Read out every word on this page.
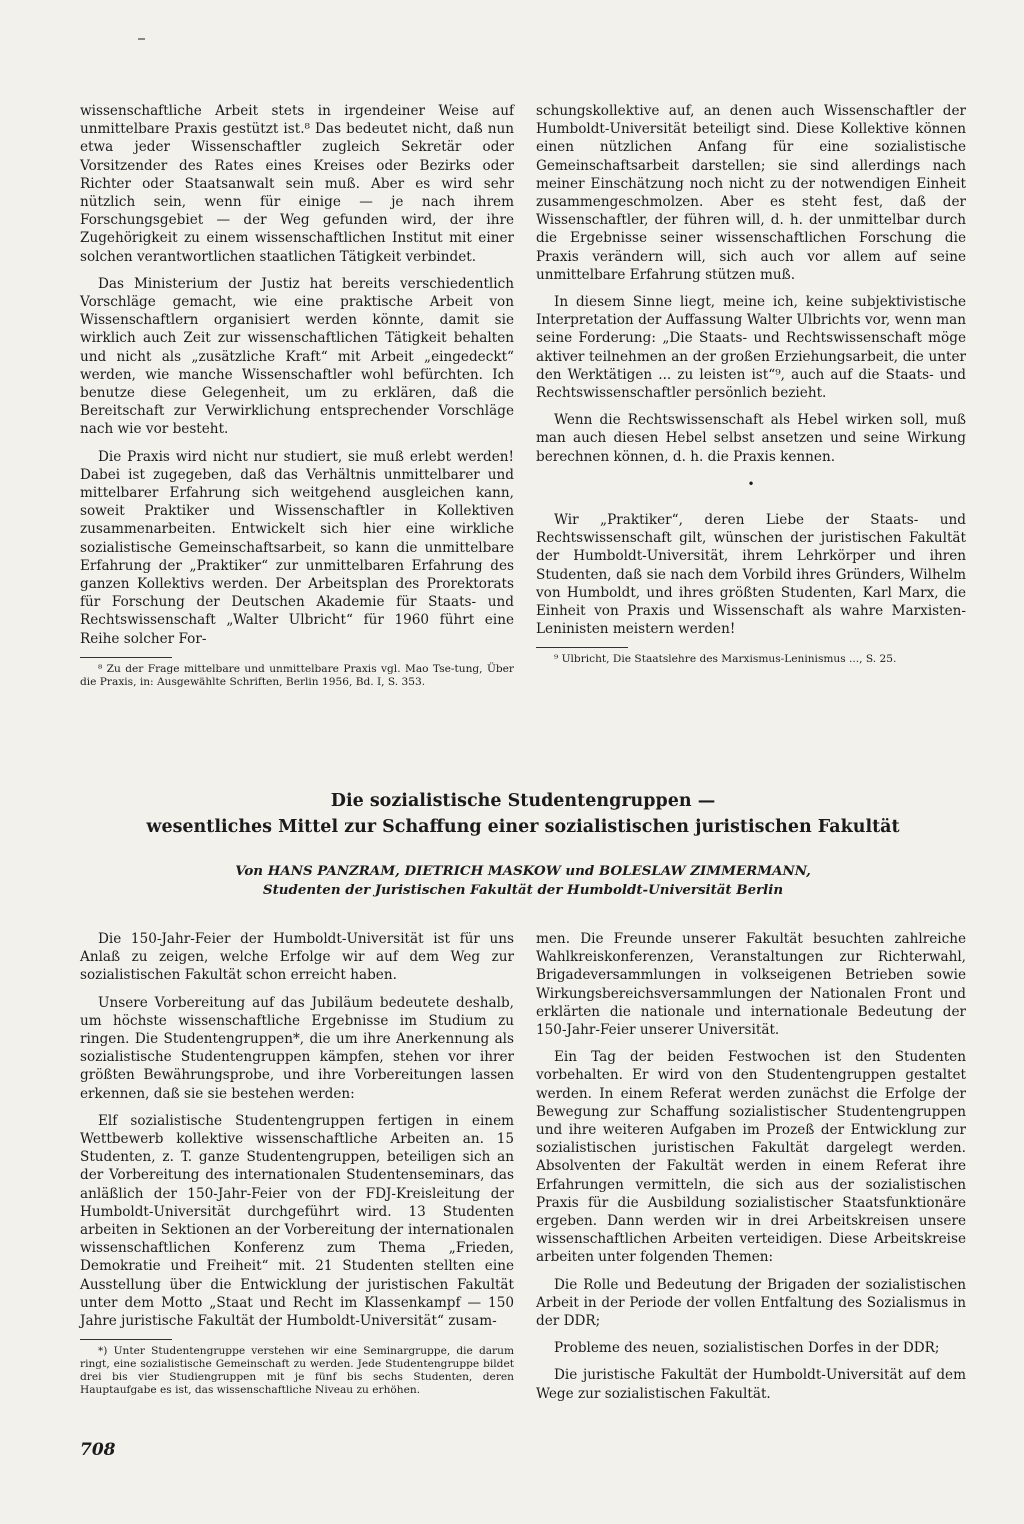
wissenschaftliche Arbeit stets in irgendeiner Weise auf unmittelbare Praxis gestützt ist.⁸ Das bedeutet nicht, daß nun etwa jeder Wissenschaftler zugleich Sekretär oder Vorsitzender des Rates eines Kreises oder Bezirks oder Richter oder Staatsanwalt sein muß. Aber es wird sehr nützlich sein, wenn für einige — je nach ihrem Forschungsgebiet — der Weg gefunden wird, der ihre Zugehörigkeit zu einem wissenschaftlichen Institut mit einer solchen verantwortlichen staatlichen Tätigkeit verbindet.

Das Ministerium der Justiz hat bereits verschiedentlich Vorschläge gemacht, wie eine praktische Arbeit von Wissenschaftlern organisiert werden könnte, damit sie wirklich auch Zeit zur wissenschaftlichen Tätigkeit behalten und nicht als „zusätzliche Kraft“ mit Arbeit „eingedeckt“ werden, wie manche Wissenschaftler wohl befürchten. Ich benutze diese Gelegenheit, um zu erklären, daß die Bereitschaft zur Verwirklichung entsprechender Vorschläge nach wie vor besteht.

Die Praxis wird nicht nur studiert, sie muß erlebt werden! Dabei ist zugegeben, daß das Verhältnis unmittelbarer und mittelbarer Erfahrung sich weitgehend ausgleichen kann, soweit Praktiker und Wissenschaftler in Kollektiven zusammenarbeiten. Entwickelt sich hier eine wirkliche sozialistische Gemeinschaftsarbeit, so kann die unmittelbare Erfahrung der „Praktiker“ zur unmittelbaren Erfahrung des ganzen Kollektivs werden. Der Arbeitsplan des Prorektorats für Forschung der Deutschen Akademie für Staats- und Rechtswissenschaft „Walter Ulbricht“ für 1960 führt eine Reihe solcher For-

⁸ Zu der Frage mittelbare und unmittelbare Praxis vgl. Mao Tse-tung, Über die Praxis, in: Ausgewählte Schriften, Berlin 1956, Bd. I, S. 353.

schungskollektive auf, an denen auch Wissenschaftler der Humboldt-Universität beteiligt sind. Diese Kollektive können einen nützlichen Anfang für eine sozialistische Gemeinschaftsarbeit darstellen; sie sind allerdings nach meiner Einschätzung noch nicht zu der notwendigen Einheit zusammengeschmolzen. Aber es steht fest, daß der Wissenschaftler, der führen will, d. h. der unmittelbar durch die Ergebnisse seiner wissenschaftlichen Forschung die Praxis verändern will, sich auch vor allem auf seine unmittelbare Erfahrung stützen muß.

In diesem Sinne liegt, meine ich, keine subjektivistische Interpretation der Auffassung Walter Ulbrichts vor, wenn man seine Forderung: „Die Staats- und Rechtswissenschaft möge aktiver teilnehmen an der großen Erziehungsarbeit, die unter den Werktätigen ... zu leisten ist“⁹, auch auf die Staats- und Rechtswissenschaftler persönlich bezieht.

Wenn die Rechtswissenschaft als Hebel wirken soll, muß man auch diesen Hebel selbst ansetzen und seine Wirkung berechnen können, d. h. die Praxis kennen.

•

Wir „Praktiker“, deren Liebe der Staats- und Rechtswissenschaft gilt, wünschen der juristischen Fakultät der Humboldt-Universität, ihrem Lehrkörper und ihren Studenten, daß sie nach dem Vorbild ihres Gründers, Wilhelm von Humboldt, und ihres größten Studenten, Karl Marx, die Einheit von Praxis und Wissenschaft als wahre Marxisten-Leninisten meistern werden!

⁹ Ulbricht, Die Staatslehre des Marxismus-Leninismus ..., S. 25.

Die sozialistische Studentengruppen —
wesentliches Mittel zur Schaffung einer sozialistischen juristischen Fakultät
Von HANS PANZRAM, DIETRICH MASKOW und BOLESLAW ZIMMERMANN,
Studenten der Juristischen Fakultät der Humboldt-Universität Berlin

Die 150-Jahr-Feier der Humboldt-Universität ist für uns Anlaß zu zeigen, welche Erfolge wir auf dem Weg zur sozialistischen Fakultät schon erreicht haben.

Unsere Vorbereitung auf das Jubiläum bedeutete deshalb, um höchste wissenschaftliche Ergebnisse im Studium zu ringen. Die Studentengruppen*, die um ihre Anerkennung als sozialistische Studentengruppen kämpfen, stehen vor ihrer größten Bewährungsprobe, und ihre Vorbereitungen lassen erkennen, daß sie sie bestehen werden:

Elf sozialistische Studentengruppen fertigen in einem Wettbewerb kollektive wissenschaftliche Arbeiten an. 15 Studenten, z. T. ganze Studentengruppen, beteiligen sich an der Vorbereitung des internationalen Studentenseminars, das anläßlich der 150-Jahr-Feier von der FDJ-Kreisleitung der Humboldt-Universität durchgeführt wird. 13 Studenten arbeiten in Sektionen an der Vorbereitung der internationalen wissenschaftlichen Konferenz zum Thema „Frieden, Demokratie und Freiheit“ mit. 21 Studenten stellten eine Ausstellung über die Entwicklung der juristischen Fakultät unter dem Motto „Staat und Recht im Klassenkampf — 150 Jahre juristische Fakultät der Humboldt-Universität“ zusam-

*) Unter Studentengruppe verstehen wir eine Seminargruppe, die darum ringt, eine sozialistische Gemeinschaft zu werden. Jede Studentengruppe bildet drei bis vier Studiengruppen mit je fünf bis sechs Studenten, deren Hauptaufgabe es ist, das wissenschaftliche Niveau zu erhöhen.

men. Die Freunde unserer Fakultät besuchten zahlreiche Wahlkreiskonferenzen, Veranstaltungen zur Richterwahl, Brigadeversammlungen in volkseigenen Betrieben sowie Wirkungsbereichsversammlungen der Nationalen Front und erklärten die nationale und internationale Bedeutung der 150-Jahr-Feier unserer Universität.

Ein Tag der beiden Festwochen ist den Studenten vorbehalten. Er wird von den Studentengruppen gestaltet werden. In einem Referat werden zunächst die Erfolge der Bewegung zur Schaffung sozialistischer Studentengruppen und ihre weiteren Aufgaben im Prozeß der Entwicklung zur sozialistischen juristischen Fakultät dargelegt werden. Absolventen der Fakultät werden in einem Referat ihre Erfahrungen vermitteln, die sich aus der sozialistischen Praxis für die Ausbildung sozialistischer Staatsfunktionäre ergeben. Dann werden wir in drei Arbeitskreisen unsere wissenschaftlichen Arbeiten verteidigen. Diese Arbeitskreise arbeiten unter folgenden Themen:

Die Rolle und Bedeutung der Brigaden der sozialistischen Arbeit in der Periode der vollen Entfaltung des Sozialismus in der DDR;

Probleme des neuen, sozialistischen Dorfes in der DDR;

Die juristische Fakultät der Humboldt-Universität auf dem Wege zur sozialistischen Fakultät.

708
